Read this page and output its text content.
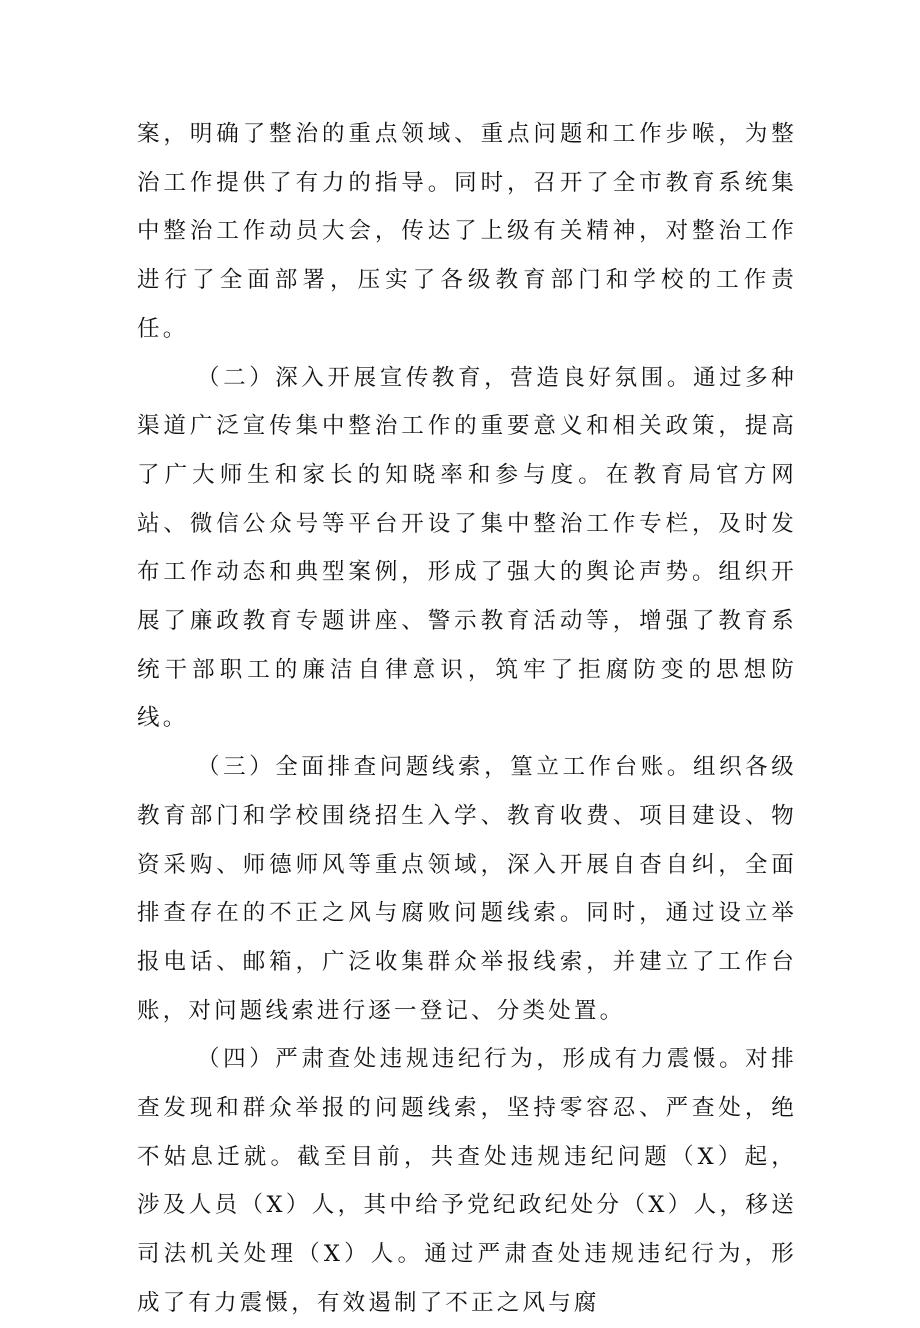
案，明确了整治的重点领域、重点问题和工作步喉，为整治工作提供了有力的指导。同时，召开了全市教育系统集中整治工作动员大会，传达了上级有关精神，对整治工作进行了全面部署，压实了各级教育部门和学校的工作责任。

（二）深入开展宣传教育，营造良好氛围。通过多种渠道广泛宣传集中整治工作的重要意义和相关政策，提高了广大师生和家长的知晓率和参与度。在教育局官方网站、微信公众号等平台开设了集中整治工作专栏，及时发布工作动态和典型案例，形成了强大的舆论声势。组织开展了廉政教育专题讲座、警示教育活动等，增强了教育系统干部职工的廉洁自律意识，筑牢了拒腐防变的思想防线。

（三）全面排查问题线索，篁立工作台账。组织各级教育部门和学校围绕招生入学、教育收费、项目建设、物资采购、师德师风等重点领域，深入开展自杳自纠，全面排查存在的不正之风与腐败问题线索。同时，通过设立举报电话、邮箱，广泛收集群众举报线索，并建立了工作台账，对问题线索进行逐一登记、分类处置。

（四）严肃查处违规违纪行为，形成有力震慑。对排查发现和群众举报的问题线索，坚持零容忍、严查处，绝不姑息迁就。截至目前，共查处违规违纪问题（X）起，涉及人员（X）人，其中给予党纪政纪处分（X）人，移送司法机关处理（X）人。通过严肃查处违规违纪行为，形成了有力震慑，有效遏制了不正之风与腐
